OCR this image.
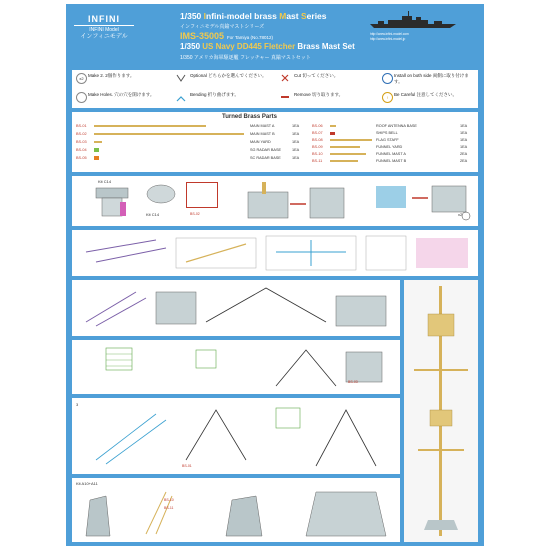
INFINI
INFINI Model
インフィニモデル
1/350 Infini-model brass Mast Series
インフィニモデル真鍮マストシリーズ
IMS-35005 For Tamiya (No.78012)
1/350 US Navy DD445 Fletcher Brass Mast Set
1/350 アメリカ海軍駆逐艦 フレッチャー 真鍮マストセット
http://www.infini-model.com
http://www.infini-model.jp
x2
Make 2. 2個作ります。
Make Holes. 穴の穴を開けます。
Optional どちらかを選んでください。
Bending 折り曲げます。
Cut 切ってください。
Remove 切り取ります。
Install on both side 両側に取り付けます。
!
Be Careful 注意してください。
Turned Brass Parts
BS-01	MAIN MAST A	1EA
BS-02	MAIN MAST B	1EA
BS-03	MAIN YARD	1EA
BS-04	SG RADAR BASE	1EA
BS-05	SC RADAR BASE	1EA
BS-06	ROOF ANTENNA BASE	1EA
BS-07	SHIPS BELL	1EA
BS-08	FLAG STAFF	1EA
BS-09	FUNNEL YARD	1EA
BS-10	FUNNEL MAST A	2EA
BS-11	FUNNEL MAST B	2EA
Kit C14
Kit C14	BS-02	x2
BS-03
3
BS-01
Kit A10+A11
BS-10
BS-11
